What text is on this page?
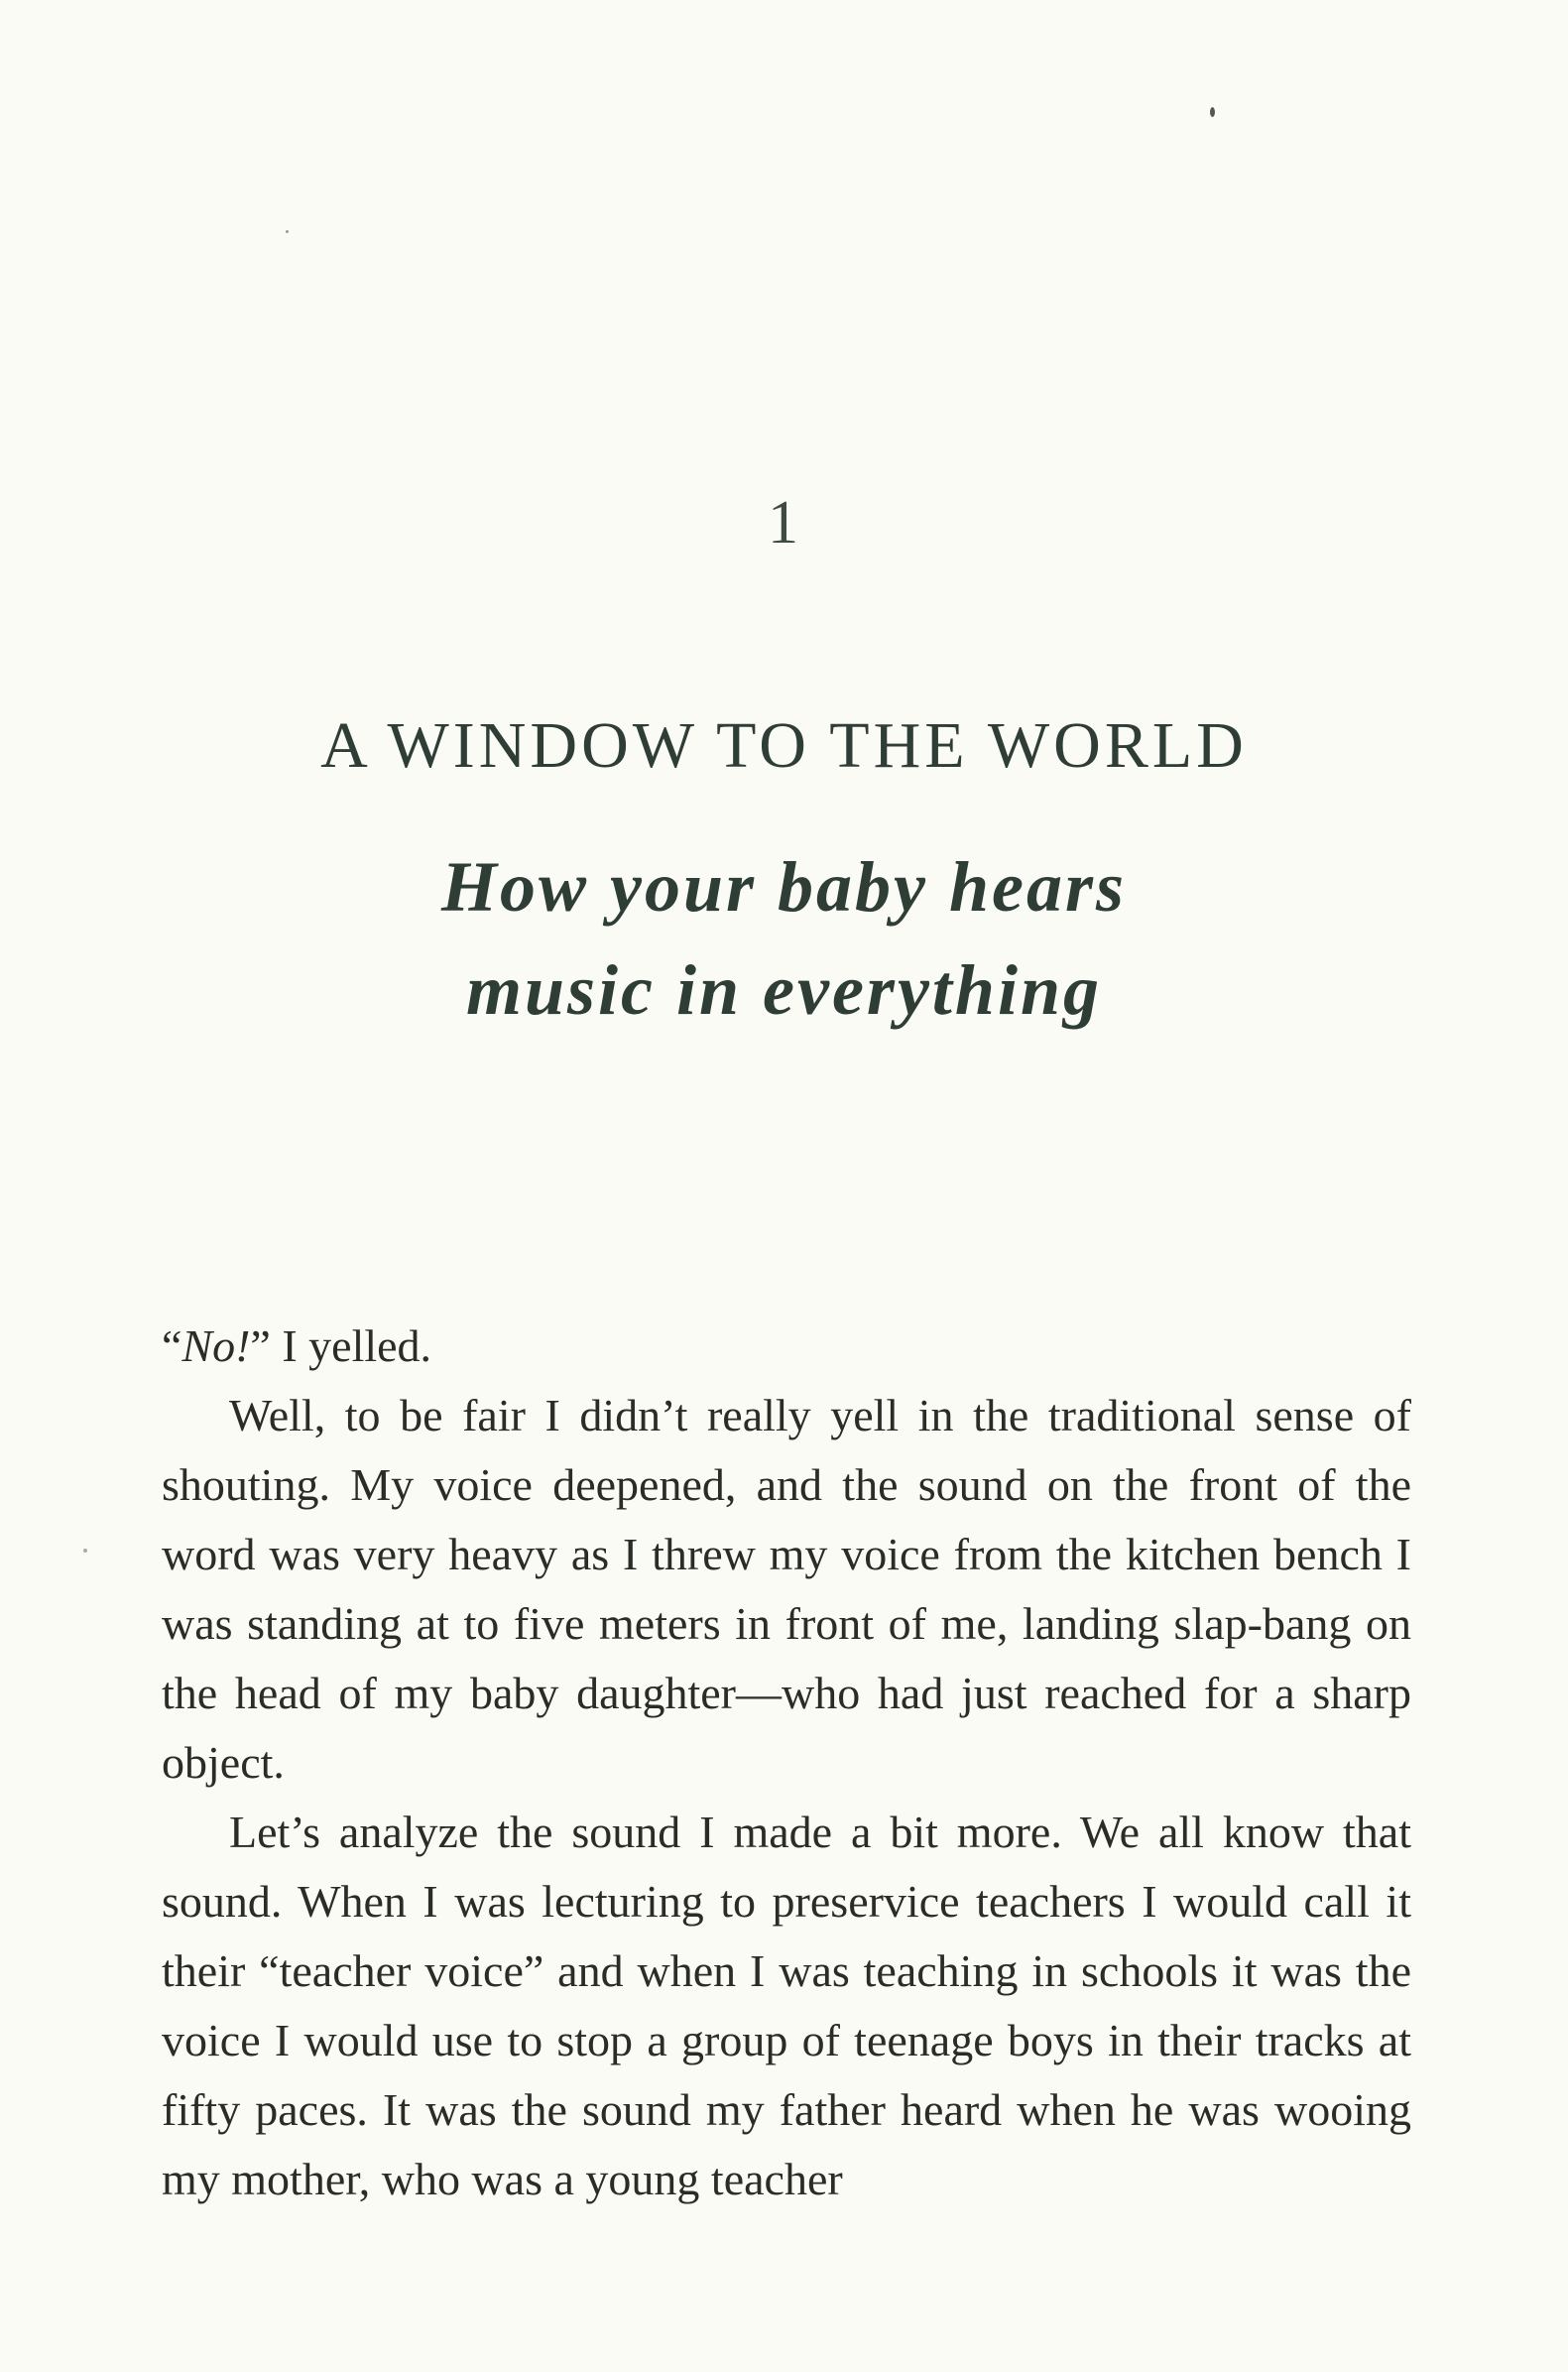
1
A WINDOW TO THE WORLD
How your baby hears
music in everything

“No!” I yelled.

Well, to be fair I didn’t really yell in the traditional sense of shouting. My voice deepened, and the sound on the front of the word was very heavy as I threw my voice from the kitchen bench I was standing at to five meters in front of me, landing slap-bang on the head of my baby daughter—who had just reached for a sharp object.

Let’s analyze the sound I made a bit more. We all know that sound. When I was lecturing to preservice teachers I would call it their “teacher voice” and when I was teaching in schools it was the voice I would use to stop a group of teenage boys in their tracks at fifty paces. It was the sound my father heard when he was wooing my mother, who was a young teacher
